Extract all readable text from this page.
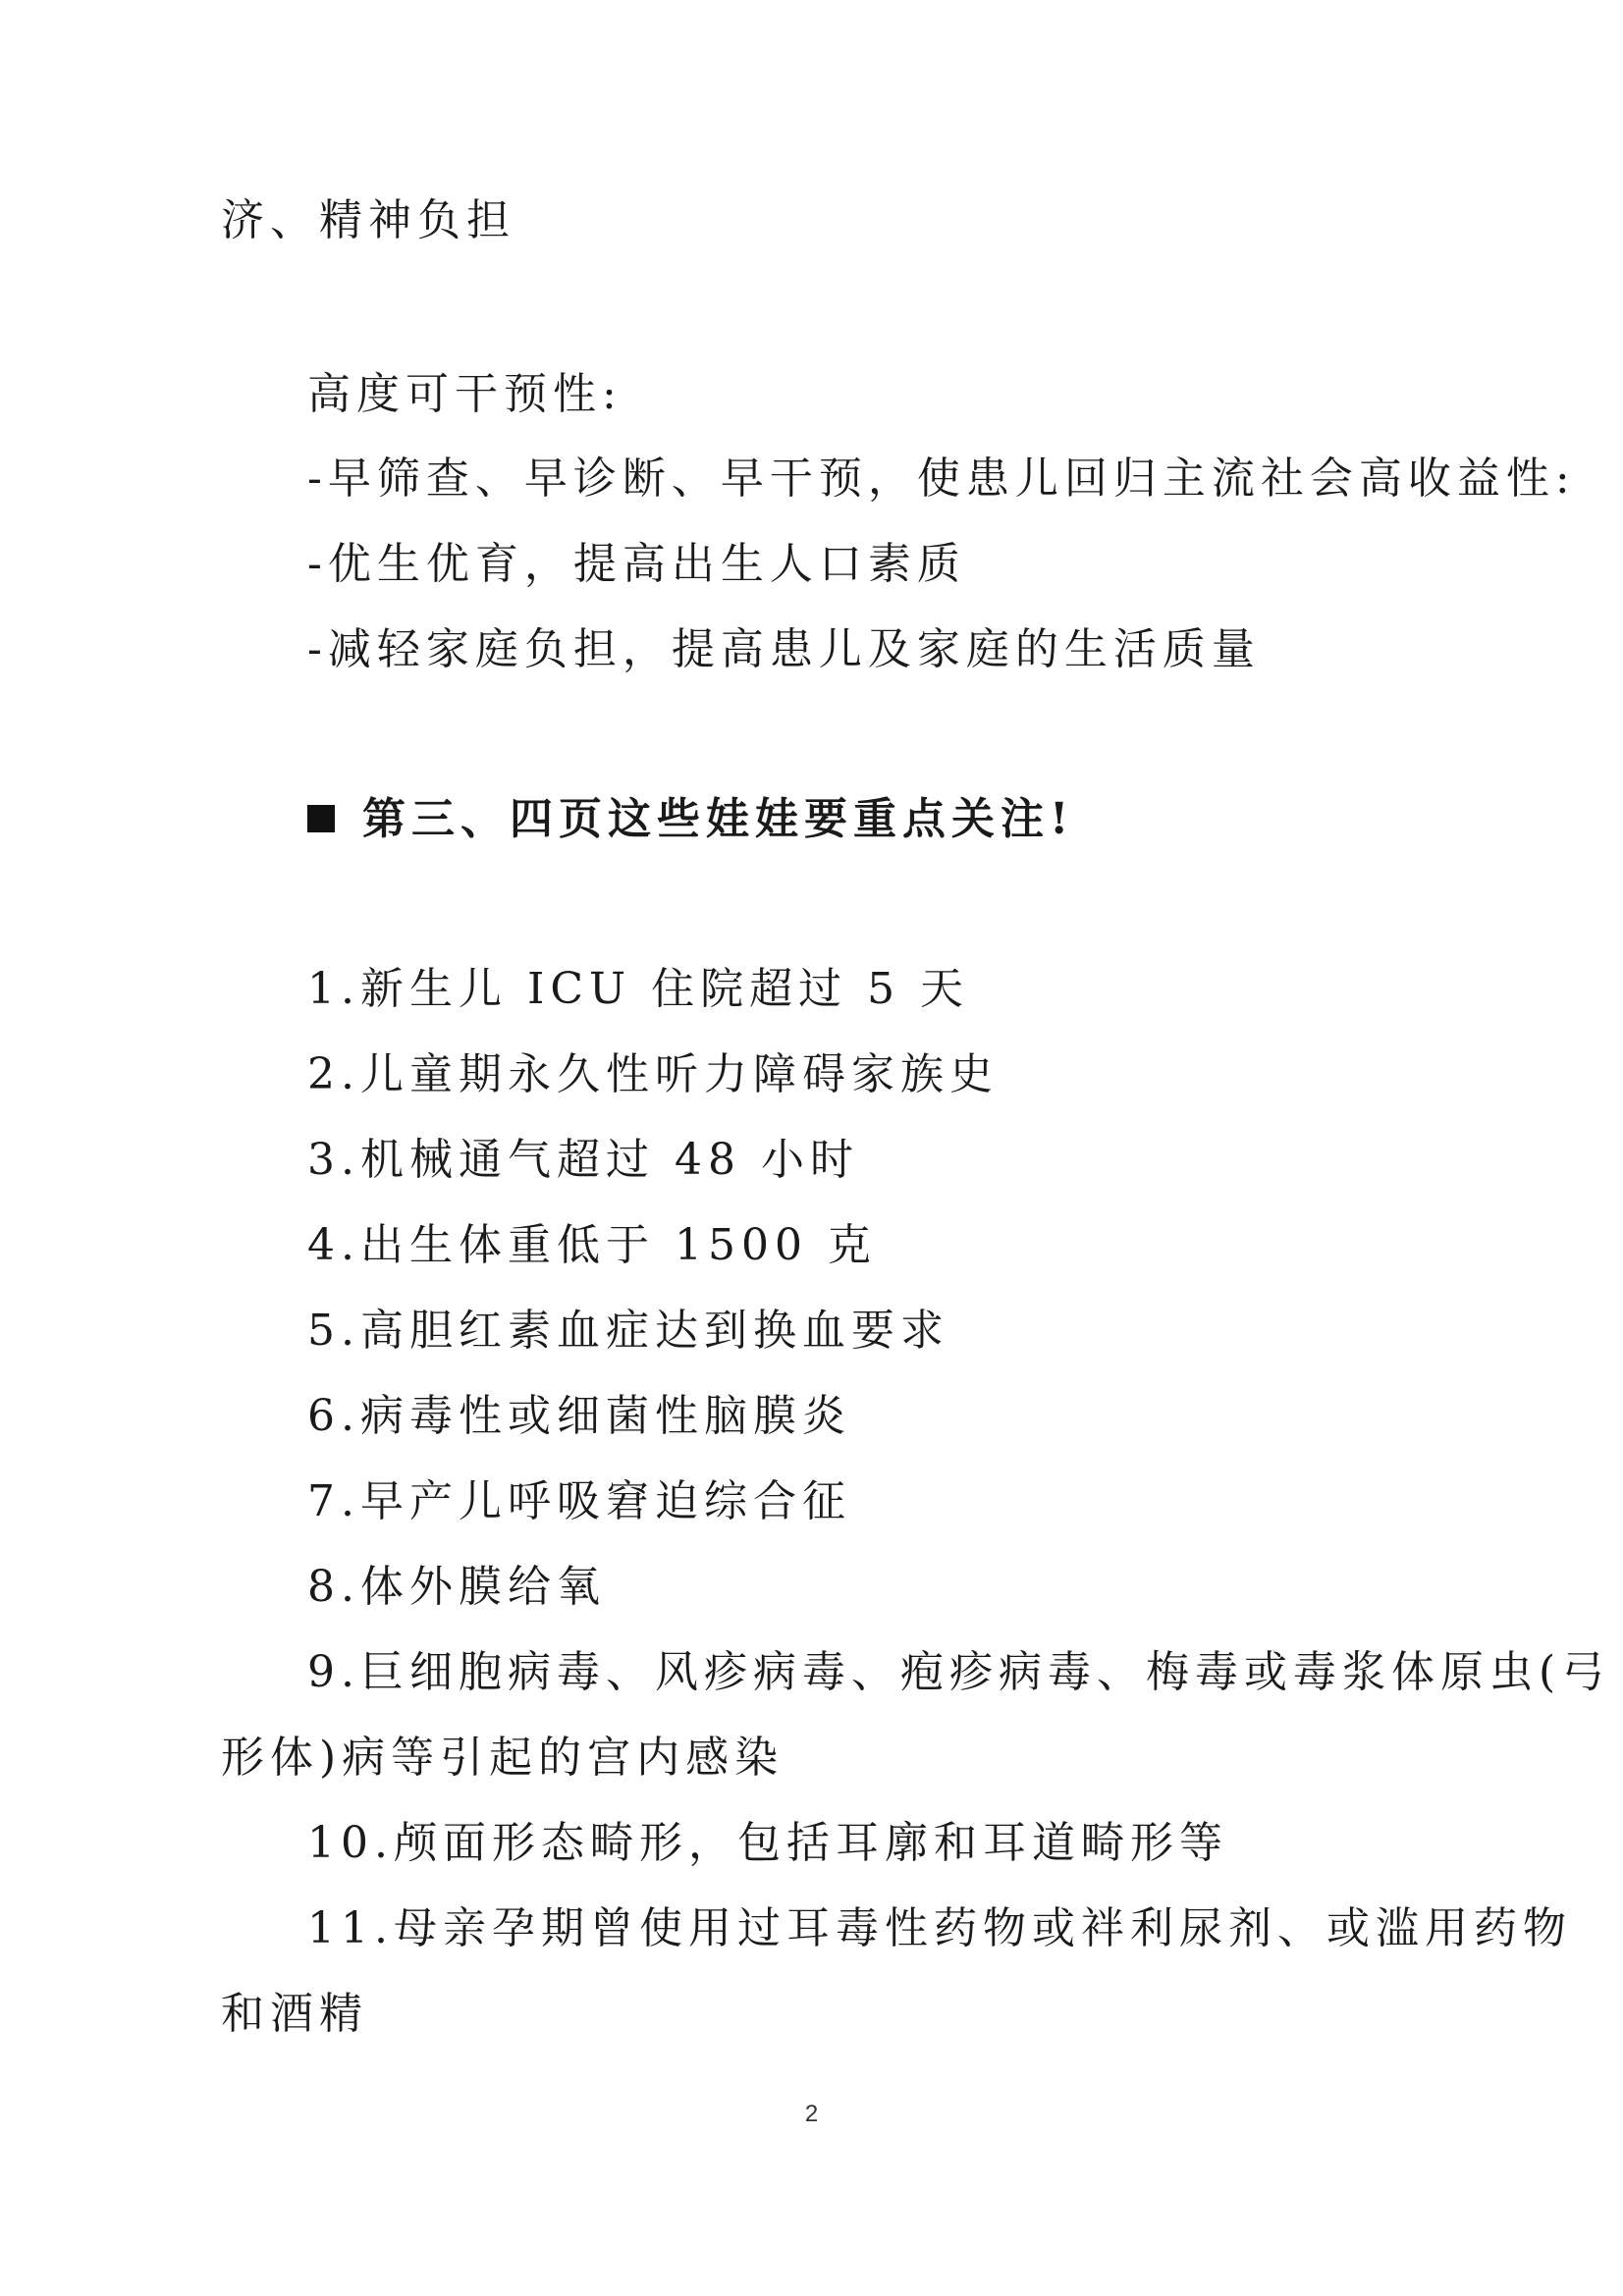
济、精神负担
高度可干预性:
-早筛查、早诊断、早干预，使患儿回归主流社会高收益性:
-优生优育，提高出生人口素质
-减轻家庭负担，提高患儿及家庭的生活质量
第三、四页这些娃娃要重点关注!
1.新生儿 ICU 住院超过 5 天
2.儿童期永久性听力障碍家族史
3.机械通气超过 48 小时
4.出生体重低于 1500 克
5.高胆红素血症达到换血要求
6.病毒性或细菌性脑膜炎
7.早产儿呼吸窘迫综合征
8.体外膜给氧
9.巨细胞病毒、风疹病毒、疱疹病毒、梅毒或毒浆体原虫(弓
形体)病等引起的宫内感染
10.颅面形态畸形，包括耳廓和耳道畸形等
11.母亲孕期曾使用过耳毒性药物或袢利尿剂、或滥用药物
和酒精
2
